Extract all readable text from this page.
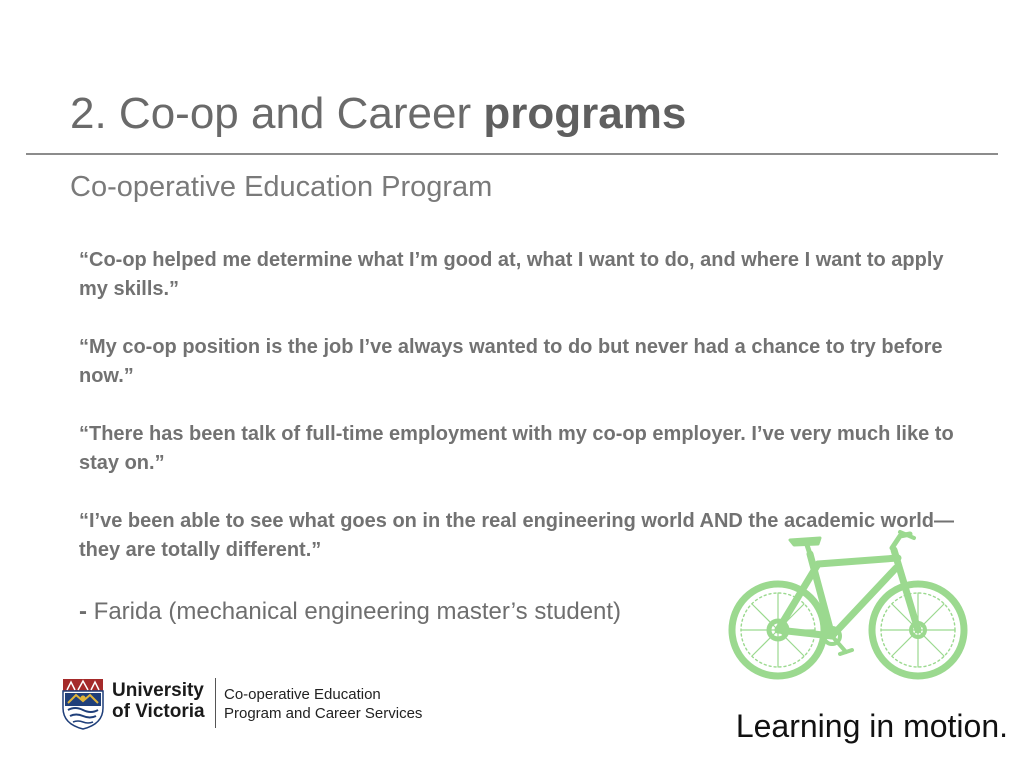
2. Co-op and Career programs
Co-operative Education Program

“Co-op helped me determine what I’m good at, what I want to do, and where I want to apply my skills.”

“My co-op position is the job I’ve always wanted to do but never had a chance to try before now.”

“There has been talk of full-time employment with my co-op employer. I’ve very much like to stay on.”

“I’ve been able to see what goes on in the real engineering world AND the academic world—they are totally different.”

- Farida (mechanical engineering master’s student)
University
of Victoria
Co-operative Education
Program and Career Services	Learning in motion.
